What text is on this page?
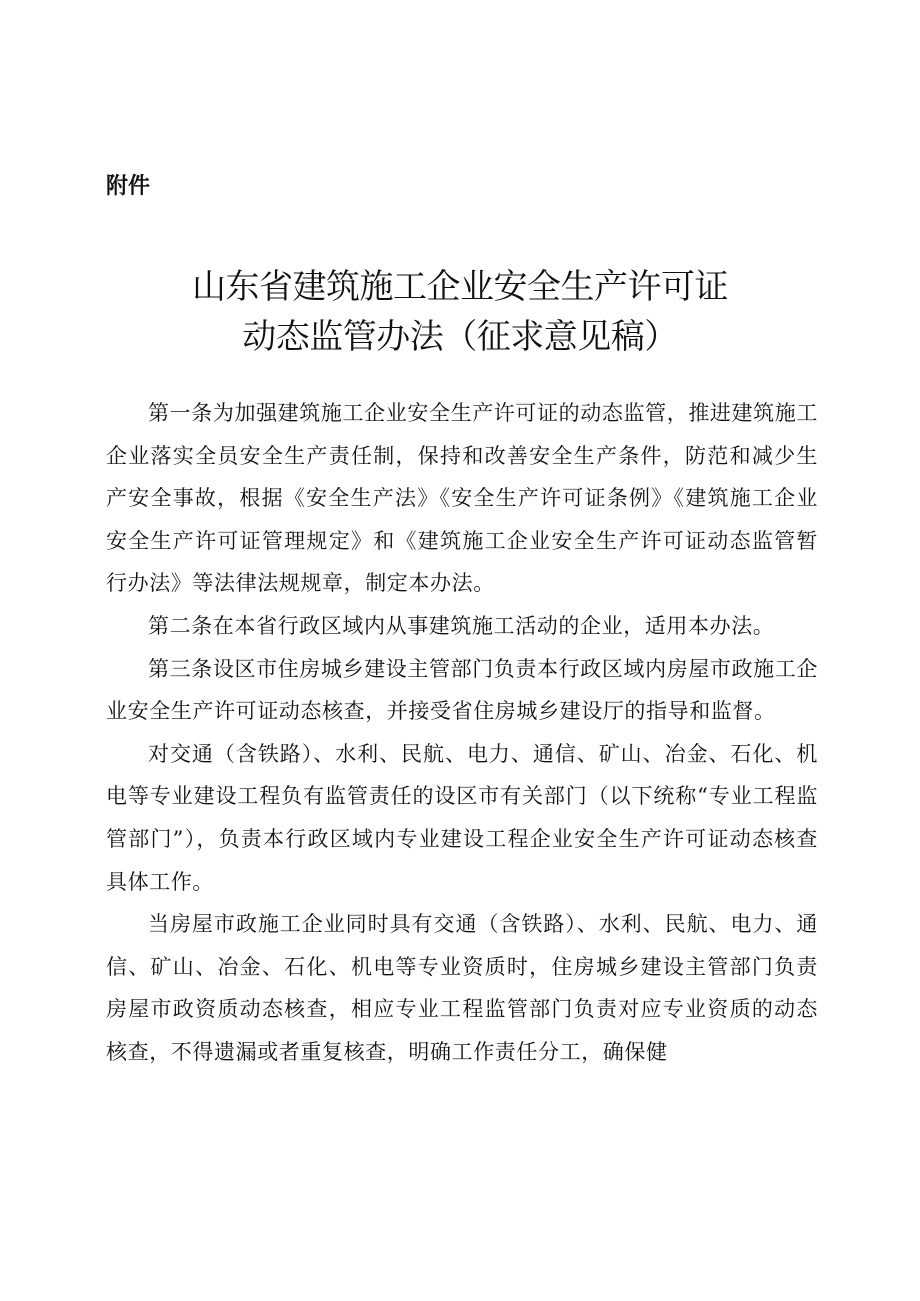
附件

山东省建筑施工企业安全生产许可证
动态监管办法（征求意见稿）

第一条为加强建筑施工企业安全生产许可证的动态监管，推进建筑施工企业落实全员安全生产责任制，保持和改善安全生产条件，防范和减少生产安全事故，根据《安全生产法》《安全生产许可证条例》《建筑施工企业安全生产许可证管理规定》和《建筑施工企业安全生产许可证动态监管暂行办法》等法律法规规章，制定本办法。

第二条在本省行政区域内从事建筑施工活动的企业，适用本办法。

第三条设区市住房城乡建设主管部门负责本行政区域内房屋市政施工企业安全生产许可证动态核查，并接受省住房城乡建设厅的指导和监督。

对交通（含铁路）、水利、民航、电力、通信、矿山、冶金、石化、机电等专业建设工程负有监管责任的设区市有关部门（以下统称“专业工程监管部门”），负责本行政区域内专业建设工程企业安全生产许可证动态核查具体工作。

当房屋市政施工企业同时具有交通（含铁路）、水利、民航、电力、通信、矿山、冶金、石化、机电等专业资质时，住房城乡建设主管部门负责房屋市政资质动态核查，相应专业工程监管部门负责对应专业资质的动态核查，不得遗漏或者重复核查，明确工作责任分工，确保健
